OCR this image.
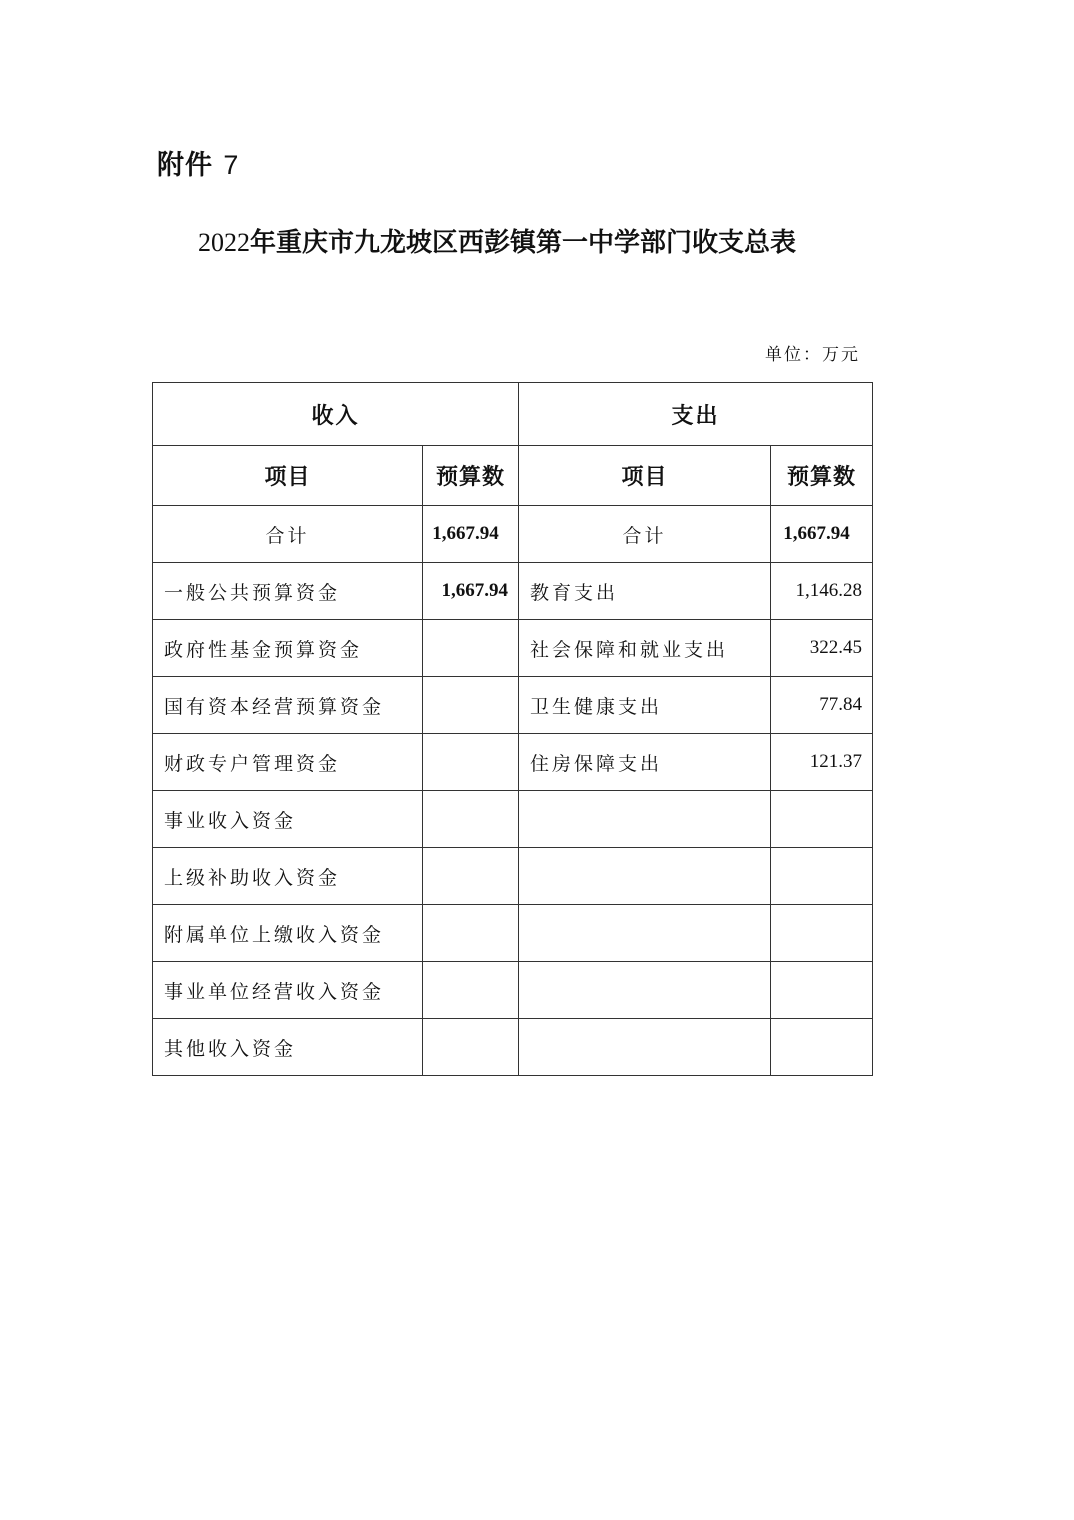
附件 7
2022年重庆市九龙坡区西彭镇第一中学部门收支总表
单位：万元
收入		支出	
项目	预算数	项目	预算数
合计	1,667.94	合计	1,667.94
一般公共预算资金	1,667.94	教育支出	1,146.28
政府性基金预算资金		社会保障和就业支出	322.45
国有资本经营预算资金		卫生健康支出	77.84
财政专户管理资金		住房保障支出	121.37
事业收入资金			
上级补助收入资金			
附属单位上缴收入资金			
事业单位经营收入资金			
其他收入资金			
